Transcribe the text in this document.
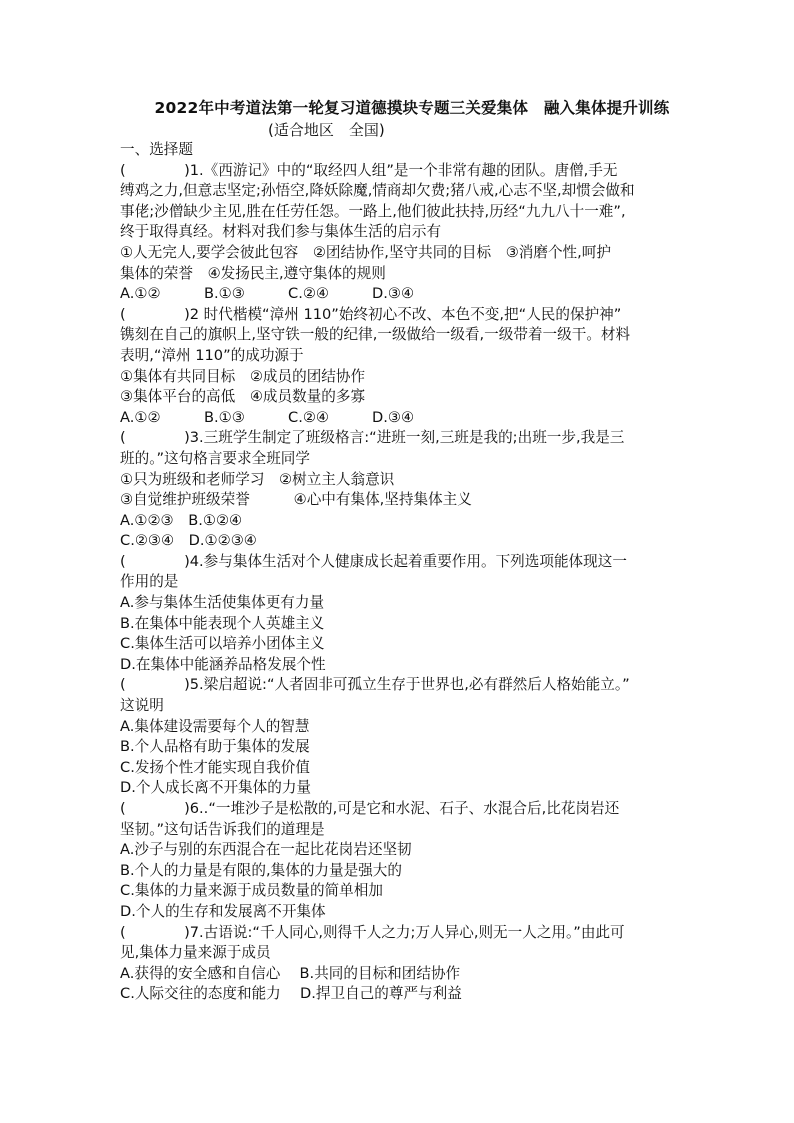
2022年中考道法第一轮复习道德摸块专题三关爱集体　融入集体提升训练
(适合地区　全国)
一、选择题
(　　　　)1.《西游记》中的“取经四人组”是一个非常有趣的团队。唐僧,手无
缚鸡之力,但意志坚定;孙悟空,降妖除魔,情商却欠费;猪八戒,心志不坚,却惯会做和
事佬;沙僧缺少主见,胜在任劳任怨。一路上,他们彼此扶持,历经“九九八十一难”,
终于取得真经。材料对我们参与集体生活的启示有
①人无完人,要学会彼此包容　②团结协作,坚守共同的目标　③消磨个性,呵护
集体的荣誉　④发扬民主,遵守集体的规则
A.①②	B.①③	C.②④	D.③④
(　　　　)2 时代楷模“漳州 110”始终初心不改、本色不变,把“人民的保护神”
镌刻在自己的旗帜上,坚守铁一般的纪律,一级做给一级看,一级带着一级干。材料
表明,“漳州 110”的成功源于
①集体有共同目标　②成员的团结协作
③集体平台的高低　④成员数量的多寡
A.①②	B.①③	C.②④	D.③④
(　　　　)3.三班学生制定了班级格言:“进班一刻,三班是我的;出班一步,我是三
班的。”这句格言要求全班同学
①只为班级和老师学习　②树立主人翁意识
③自觉维护班级荣誉　　　④心中有集体,坚持集体主义
A.①②③　B.①②④
C.②③④　D.①②③④
(　　　　)4.参与集体生活对个人健康成长起着重要作用。下列选项能体现这一
作用的是
A.参与集体生活使集体更有力量
B.在集体中能表现个人英雄主义
C.集体生活可以培养小团体主义
D.在集体中能涵养品格发展个性
(　　　　)5.梁启超说:“人者固非可孤立生存于世界也,必有群然后人格始能立。”
这说明
A.集体建设需要每个人的智慧
B.个人品格有助于集体的发展
C.发扬个性才能实现自我价值
D.个人成长离不开集体的力量
(　　　　)6..“一堆沙子是松散的,可是它和水泥、石子、水混合后,比花岗岩还
坚韧。”这句话告诉我们的道理是
A.沙子与别的东西混合在一起比花岗岩还坚韧
B.个人的力量是有限的,集体的力量是强大的
C.集体的力量来源于成员数量的简单相加
D.个人的生存和发展离不开集体
(　　　　)7.古语说:“千人同心,则得千人之力;万人异心,则无一人之用。”由此可
见,集体力量来源于成员
A.获得的安全感和自信心　 B.共同的目标和团结协作
C.人际交往的态度和能力　 D.捍卫自己的尊严与利益
